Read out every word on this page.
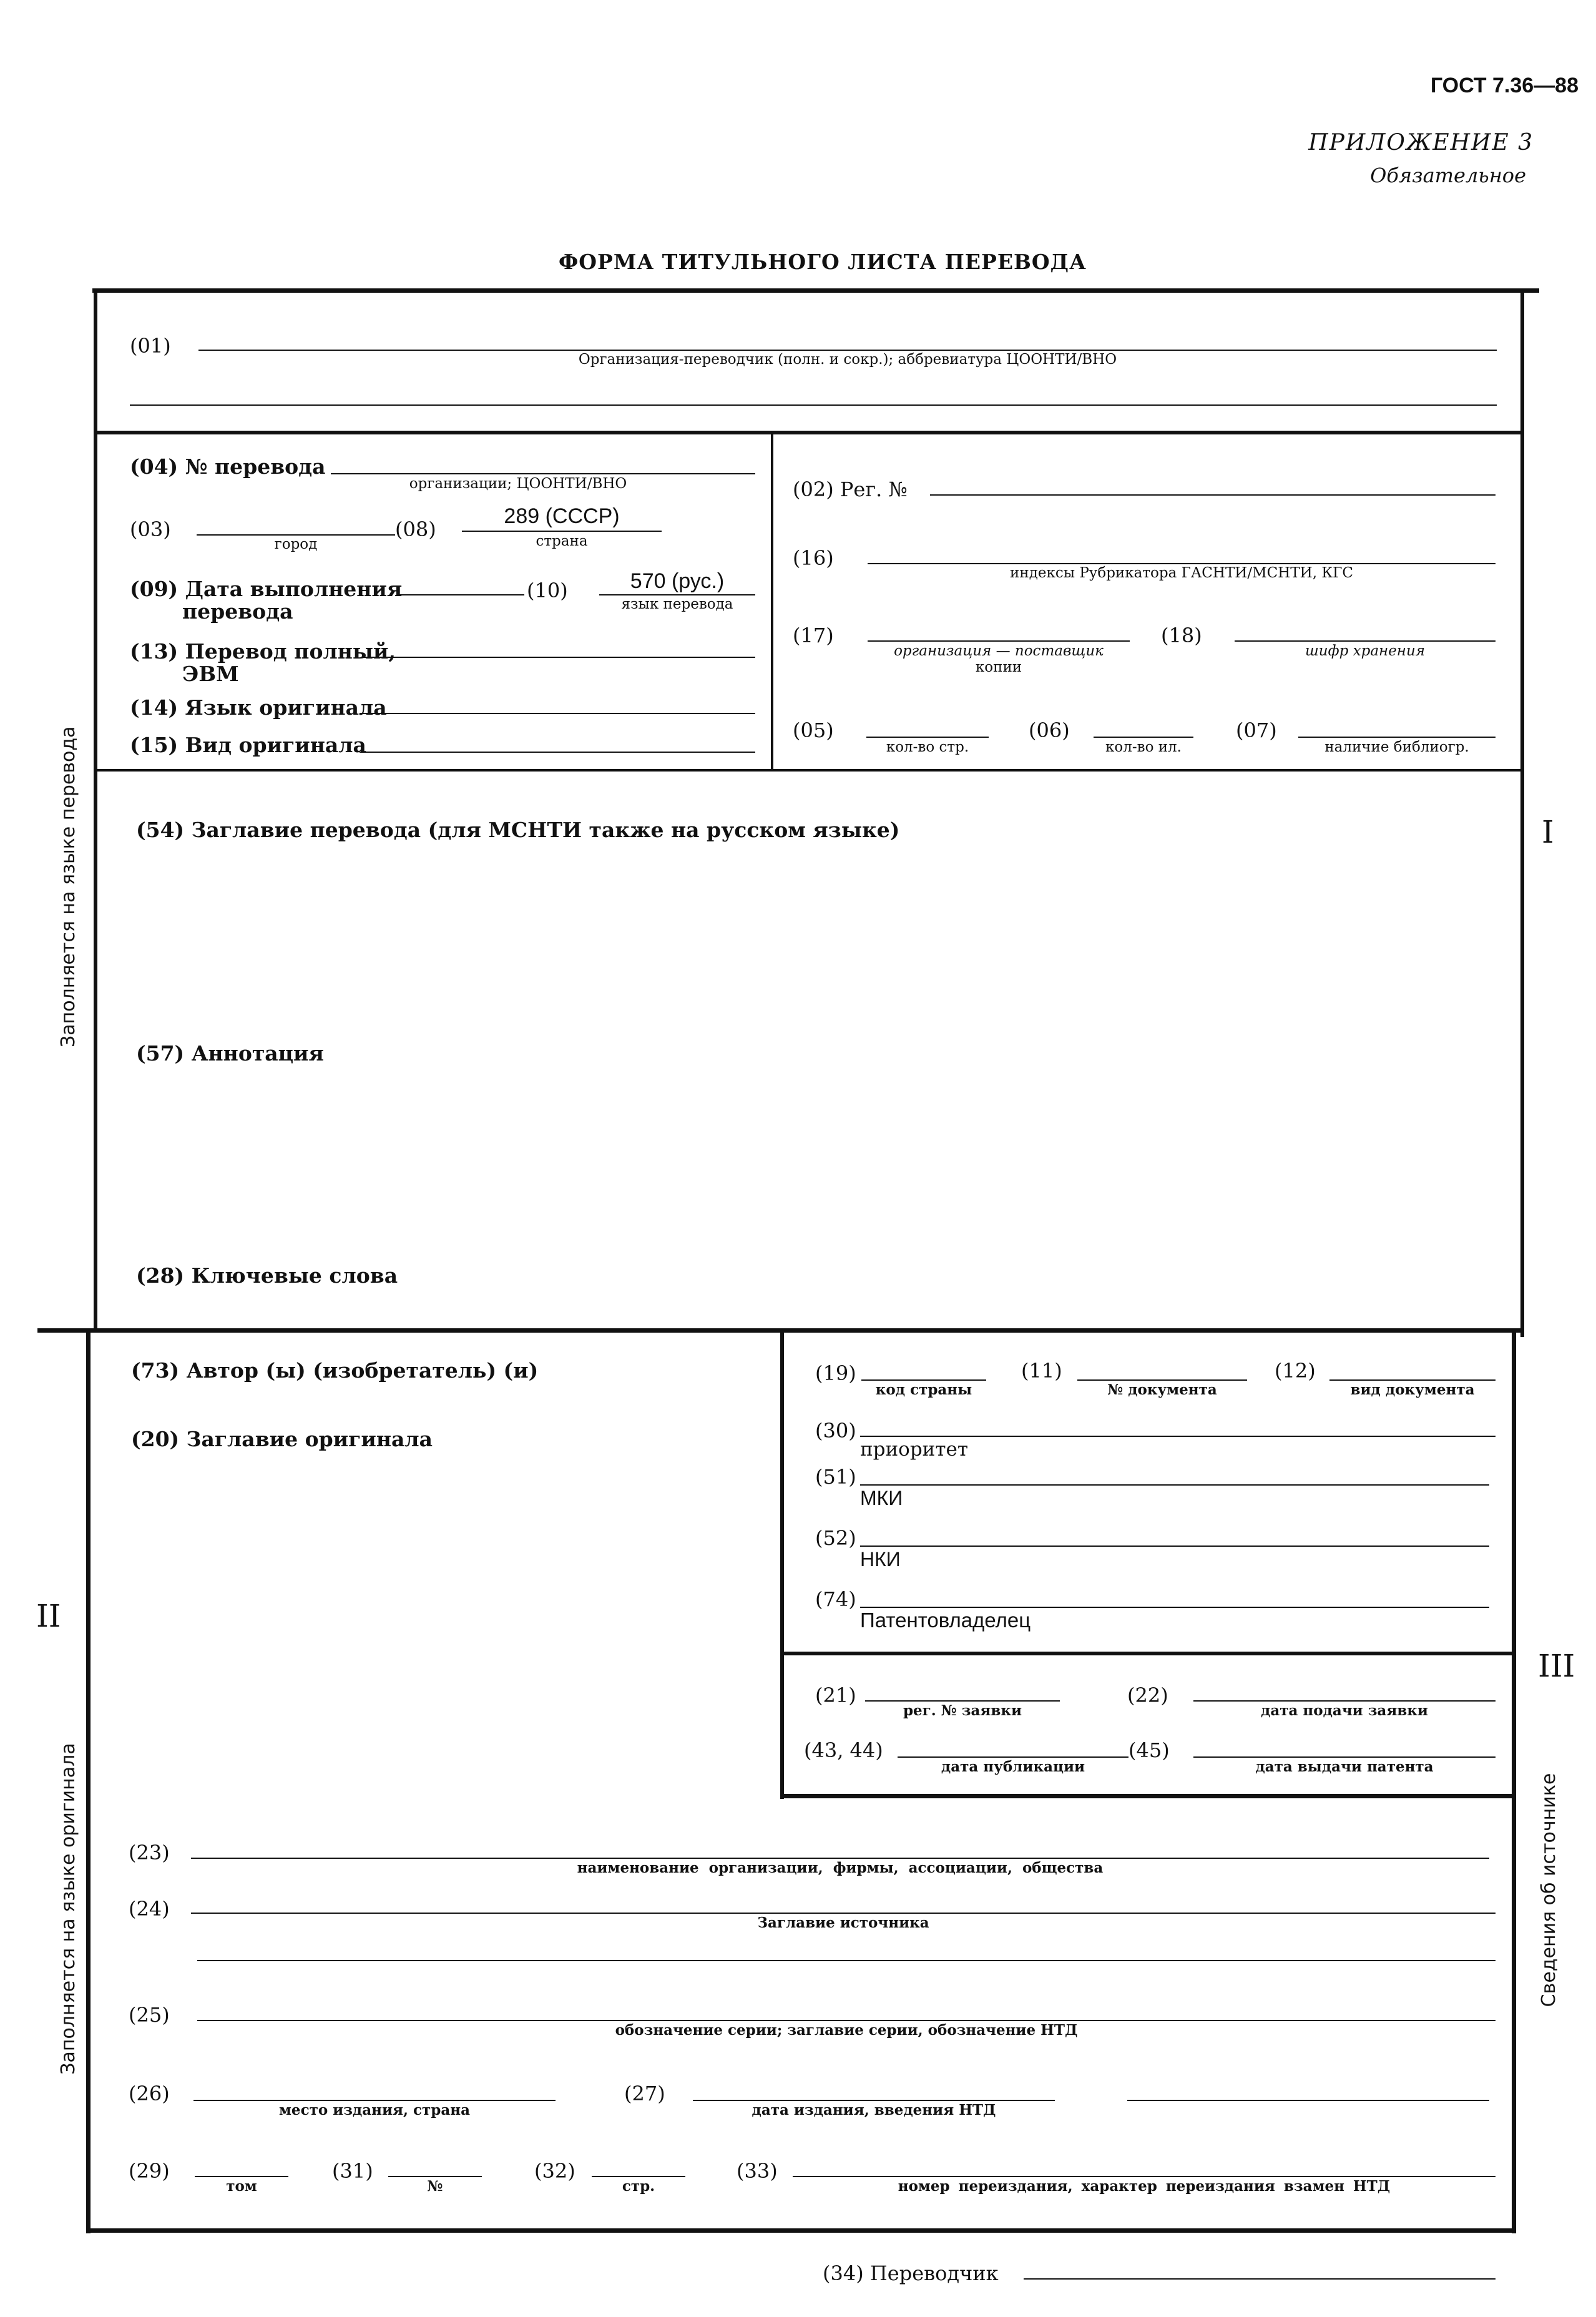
ГОСТ 7.36—88
ПРИЛОЖЕНИЕ 3
Обязательное
ФОРМА ТИТУЛЬНОГО ЛИСТА ПЕРЕВОДА
Заполняется на языке перевода
Заполняется на языке оригинала	Сведения об источнике
I
II
III
(01)
Организация-переводчик (полн. и сокр.); аббревиатура ЦООНТИ/ВНО
(04) № перевода
организации; ЦООНТИ/ВНО
(03)
город
(08)
289 (СССР)
страна
(09) Дата выполнения
перевода
(10)	570 (рус.)
язык перевода
(13) Перевод полный,
ЭВМ
(14) Язык оригинала
(15) Вид оригинала
(02) Рег. №
(16)
индексы Рубрикатора ГАСНТИ/МСНТИ, КГС
(17)
организация — поставщик
копии
(18)
шифр хранения
(05)
кол-во стр.
(06)
кол-во ил.
(07)
наличие библиогр.
(54) Заглавие перевода (для МСНТИ также на русском языке)
(57) Аннотация
(28) Ключевые слова
(73) Автор (ы) (изобретатель) (и)
(20) Заглавие оригинала
(19)
код страны
(11)
№ документа
(12)
вид документа
(30)
приоритет
(51)
МКИ
(52)
НКИ
(74)
Патентовладелец
(21)
рег. № заявки
(22)
дата подачи заявки
(43, 44)
дата публикации
(45)
дата выдачи патента
(23)
наименование организации, фирмы, ассоциации, общества
(24)
Заглавие источника
(25)
обозначение серии; заглавие серии, обозначение НТД
(26)
место издания, страна
(27)
дата издания, введения НТД
(29)
том
(31)
№
(32)
стр.
(33)
номер переиздания, характер переиздания взамен НТД
(34) Переводчик
